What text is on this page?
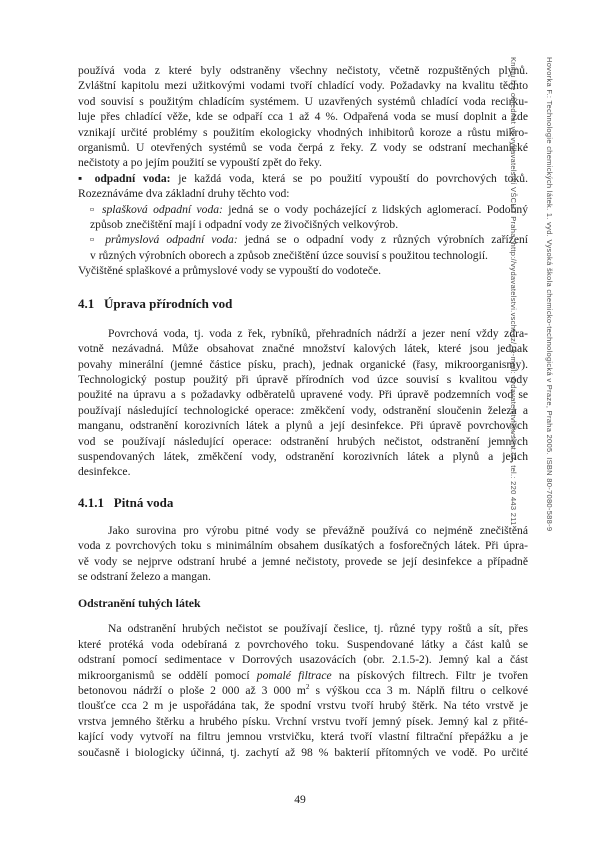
používá voda z které byly odstraněny všechny nečistoty, včetně rozpuštěných plynů.
Zvláštní kapitolu mezi užitkovými vodami tvoří chladící vody. Požadavky na kvalitu těchto
vod souvisí s použitým chladícím systémem. U uzavřených systémů chladící voda recirku-
luje přes chladící věže, kde se odpaří cca 1 až 4 %. Odpařená voda se musí doplnit a zde
vznikají určité problémy s použitím ekologicky vhodných inhibitorů koroze a růstu mikro-
organismů. U otevřených systémů se voda čerpá z řeky. Z vody se odstraní mechanické
nečistoty a po jejím použití se vypouští zpět do řeky.
▪ odpadní voda: je každá voda, která se po použití vypouští do povrchových toků.
Rozeznáváme dva základní druhy těchto vod:
▫ splašková odpadní voda: jedná se o vody pocházející z lidských aglomerací. Podobný
způsob znečištění mají i odpadní vody ze živočišných velkovýrob.
▫ průmyslová odpadní voda: jedná se o odpadní vody z různých výrobních zařízení
v různých výrobních oborech a způsob znečištění úzce souvisí s použitou technologií.
Vyčištěné splaškové a průmyslové vody se vypouští do vodoteče.
4.1   Úprava přírodních vod
Povrchová voda, tj. voda z řek, rybníků, přehradních nádrží a jezer není vždy zdra-
votně nezávadná. Může obsahovat značné množství kalových látek, které jsou jednak
povahy minerální (jemné částice písku, prach), jednak organické (řasy, mikroorganismy).
Technologický postup použitý při úpravě přírodních vod úzce souvisí s kvalitou vody
použité na úpravu a s požadavky odběratelů upravené vody. Při úpravě podzemních vod se
používají následující technologické operace: změkčení vody, odstranění sloučenin železa a
manganu, odstranění korozivních látek a plynů a její desinfekce. Při úpravě povrchových
vod se používají následující operace: odstranění hrubých nečistot, odstranění jemných
suspendovaných látek, změkčení vody, odstranění korozivních látek a plynů a jejich
desinfekce.
4.1.1   Pitná voda
Jako surovina pro výrobu pitné vody se převážně používá co nejméně znečištěná
voda z povrchových toku s minimálním obsahem dusíkatých a fosforečných látek. Při úpra-
vě vody se nejprve odstraní hrubé a jemné nečistoty, provede se její desinfekce a případně
se odstraní železo a mangan.
Odstranění tuhých látek
Na odstranění hrubých nečistot se používají česlice, tj. různé typy roštů a sít, přes
které protéká voda odebíraná z povrchového toku. Suspendované látky a část kalů se
odstraní pomocí sedimentace v Dorrových usazovácích (obr. 2.1.5-2). Jemný kal a část
mikroorganismů se oddělí pomocí pomalé filtrace na pískových filtrech. Filtr je tvořen
betonovou nádrží o ploše 2 000 až 3 000 $m^2$ s výškou cca 3 m. Náplň filtru o celkové
tloušťce cca 2 m je uspořádána tak, že spodní vrstvu tvoří hrubý štěrk. Na této vrstvě je
vrstva jemného štěrku a hrubého písku. Vrchní vrstvu tvoří jemný písek. Jemný kal z přité-
kající vody vytvoří na filtru jemnou vrstvičku, která tvoří vlastní filtrační přepážku a je
současně i biologicky účinná, tj. zachytí až 98 % bakterií přítomných ve vodě. Po určité

Hovorka F.: Technologie chemických látek. 1. vyd. Vysoká škola chemicko-technologická v Praze, Praha 2005. ISBN 80-7080-588-9

Knihu lze objednat ve vydavatelství VŠCHT Praha, http://vydavatelstvi.vscht.cz/, e-mail: vydavatelstvi@vscht.cz, tel.: 220 443 211

49
